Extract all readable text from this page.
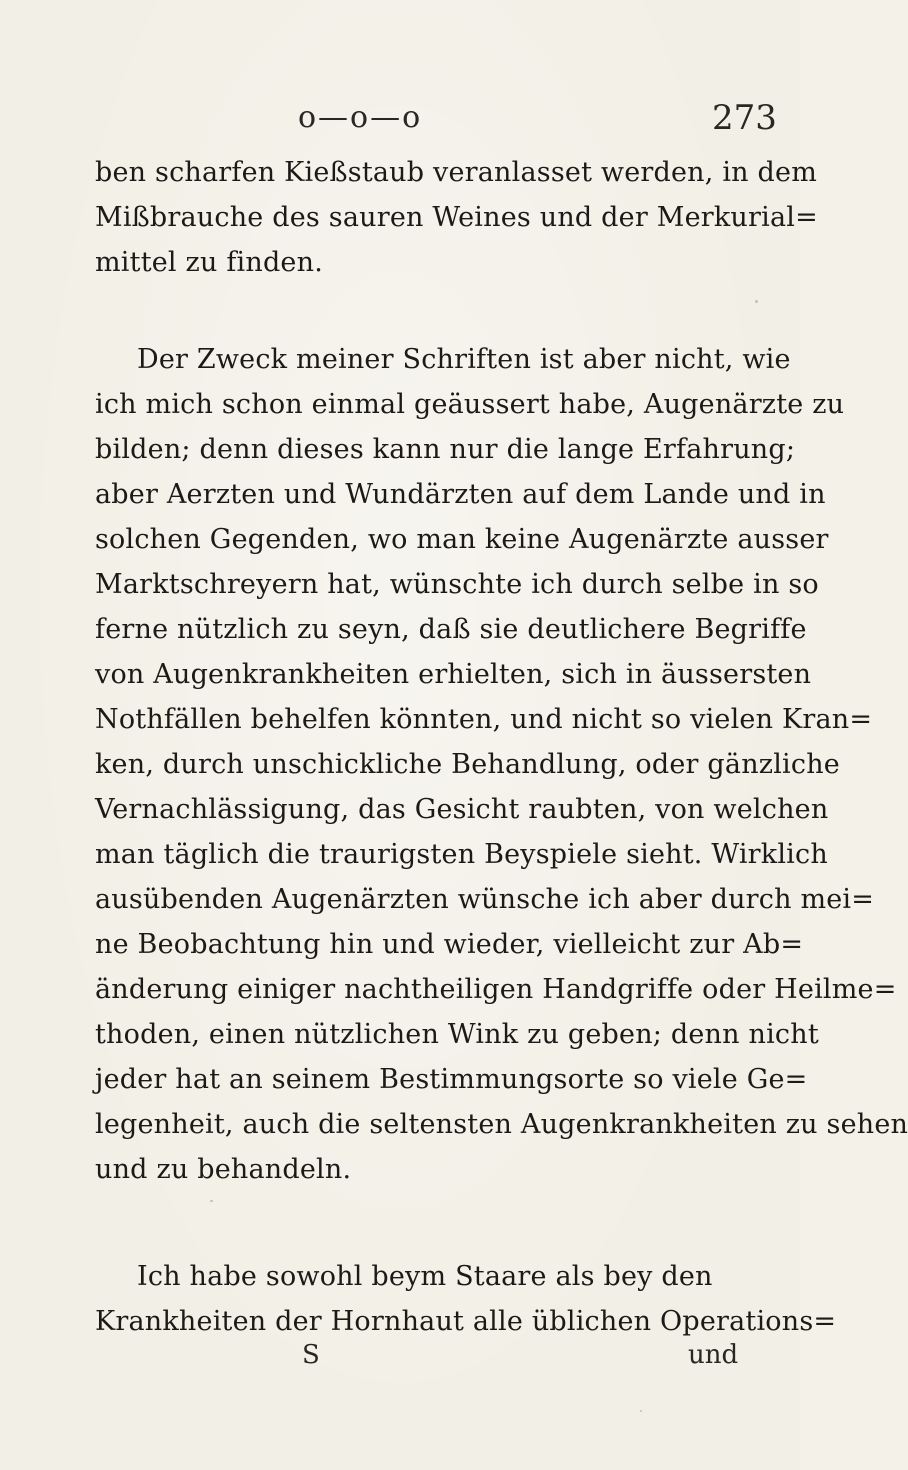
o—o—o	273
ben scharfen Kießstaub veranlasset werden, in dem
Mißbrauche des sauren Weines und der Merkurial=
mittel zu finden.
Der Zweck meiner Schriften ist aber nicht, wie
ich mich schon einmal geäussert habe, Augenärzte zu
bilden; denn dieses kann nur die lange Erfahrung;
aber Aerzten und Wundärzten auf dem Lande und in
solchen Gegenden, wo man keine Augenärzte ausser
Marktschreyern hat, wünschte ich durch selbe in so
ferne nützlich zu seyn, daß sie deutlichere Begriffe
von Augenkrankheiten erhielten, sich in äussersten
Nothfällen behelfen könnten, und nicht so vielen Kran=
ken, durch unschickliche Behandlung, oder gänzliche
Vernachlässigung, das Gesicht raubten, von welchen
man täglich die traurigsten Beyspiele sieht. Wirklich
ausübenden Augenärzten wünsche ich aber durch mei=
ne Beobachtung hin und wieder, vielleicht zur Ab=
änderung einiger nachtheiligen Handgriffe oder Heilme=
thoden, einen nützlichen Wink zu geben; denn nicht
jeder hat an seinem Bestimmungsorte so viele Ge=
legenheit, auch die seltensten Augenkrankheiten zu sehen
und zu behandeln.
Ich habe sowohl beym Staare als bey den
Krankheiten der Hornhaut alle üblichen Operations=
S	und
